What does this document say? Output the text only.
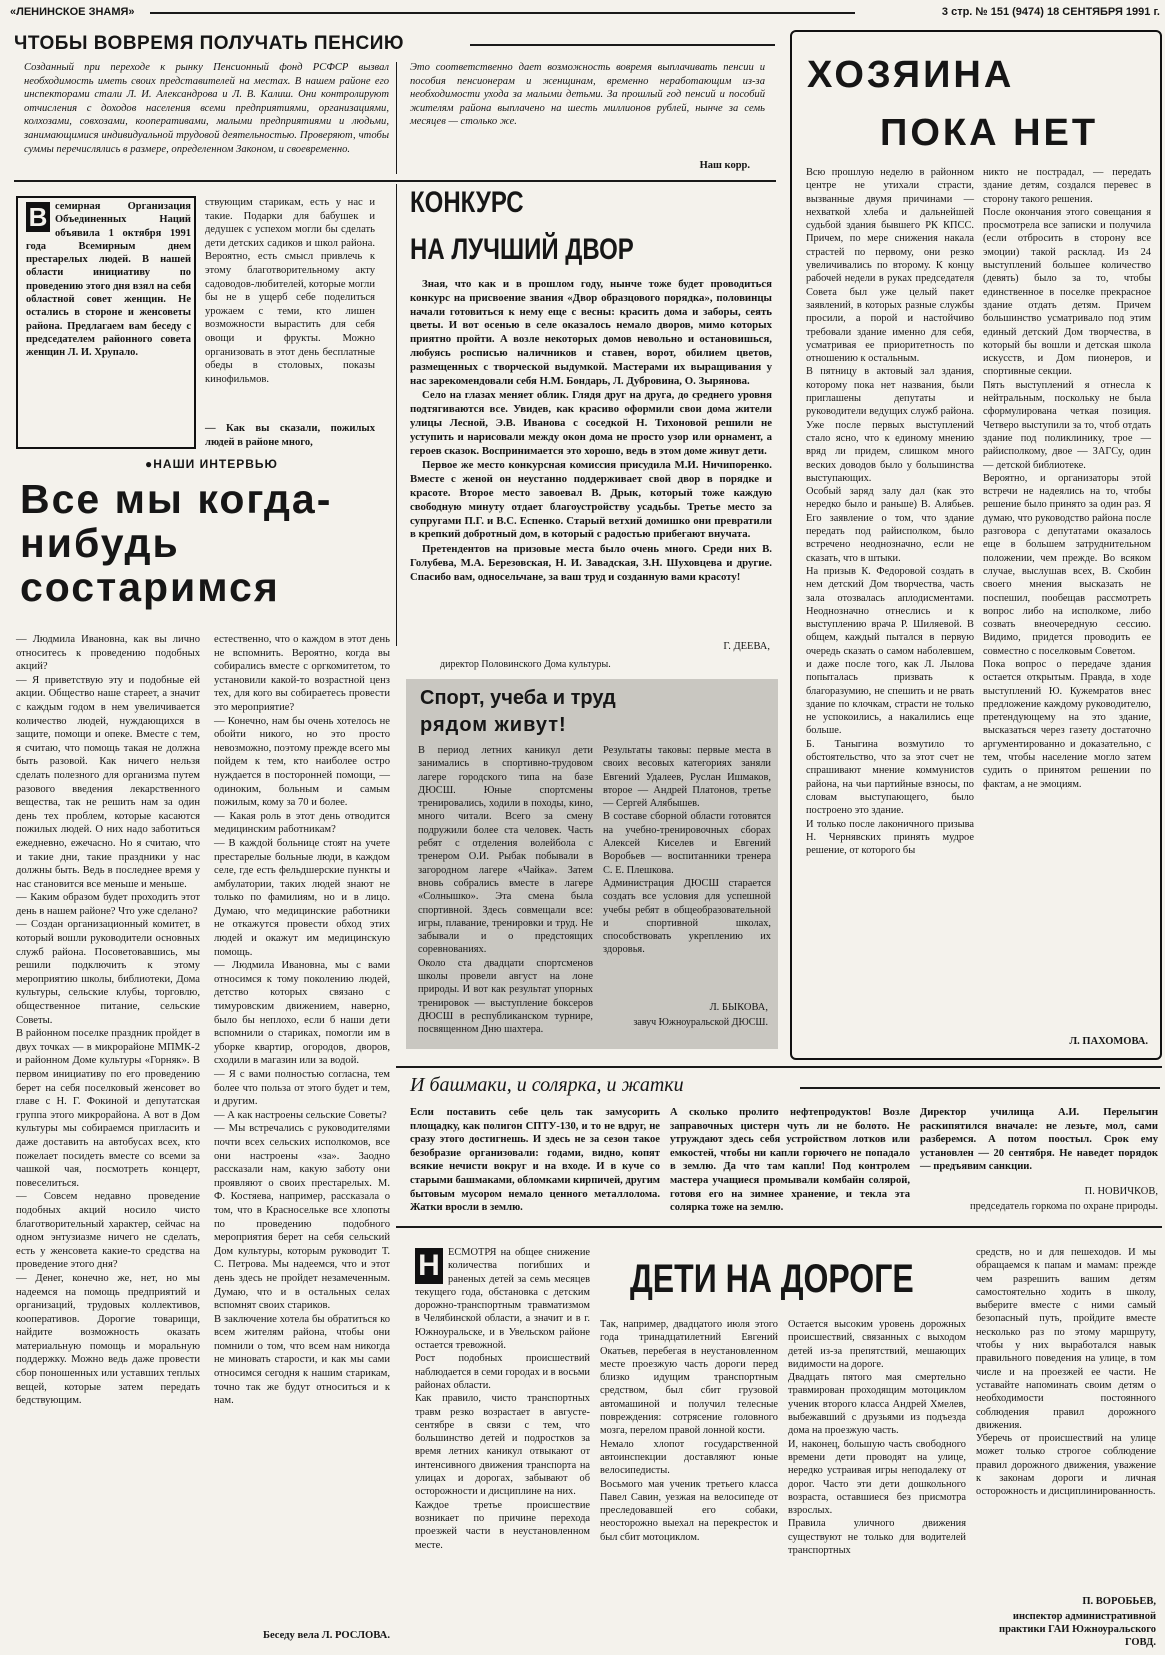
«ЛЕНИНСКОЕ ЗНАМЯ»	3 стр. № 151 (9474) 18 СЕНТЯБРЯ 1991 г.
ЧТОБЫ ВОВРЕМЯ ПОЛУЧАТЬ ПЕНСИЮ
Созданный при переходе к рынку Пенсионный фонд РСФСР вызвал необходимость иметь своих представителей на местах. В нашем районе его инспекторами стали Л. И. Александрова и Л. В. Калиш. Они контролируют отчисления с доходов населения всеми предприятиями, организациями, колхозами, совхозами, кооперативами, малыми предприятиями и людьми, занимающимися индивидуальной трудовой деятельностью. Проверяют, чтобы суммы перечислялись в размере, определенном Законом, и своевременно.
Это соответственно дает возможность вовремя выплачивать пенсии и пособия пенсионерам и женщинам, временно неработающим из-за необходимости ухода за малыми детьми. За прошлый год пенсий и пособий жителям района выплачено на шесть миллионов рублей, нынче за семь месяцев — столько же.
Наш корр.
В семирная Организация Объединенных Наций объявила 1 октября 1991 года Всемирным днем престарелых людей. В нашей области инициативу по проведению этого дня взял на себя областной совет женщин. Не остались в стороне и женсоветы района. Предлагаем вам беседу с председателем районного совета женщин Л. И. Хрупало.
ствующим старикам, есть у нас и такие. Подарки для бабушек и дедушек с успехом могли бы сделать дети детских садиков и школ района. Вероятно, есть смысл привлечь к этому благотворительному акту садоводов-любителей, которые могли бы не в ущерб себе поделиться урожаем с теми, кто лишен возможности вырастить для себя овощи и фрукты. Можно организовать в этот день бесплатные обеды в столовых, показы кинофильмов.
— Как вы сказали, пожилых людей в районе много,
●НАШИ ИНТЕРВЬЮ
Все мы когда-нибудь состаримся
— Людмила Ивановна, как вы лично относитесь к проведению подобных акций?
— Я приветствую эту и подобные ей акции. Общество наше стареет, а значит с каждым годом в нем увеличивается количество людей, нуждающихся в защите, помощи и опеке. Вместе с тем, я считаю, что помощь такая не должна быть разовой. Как ничего нельзя сделать полезного для организма путем разового введения лекарственного вещества, так не решить нам за один день тех проблем, которые касаются пожилых людей. О них надо заботиться ежедневно, ежечасно. Но я считаю, что и такие дни, такие праздники у нас должны быть. Ведь в последнее время у нас становится все меньше и меньше.
— Каким образом будет проходить этот день в нашем районе? Что уже сделано?
— Создан организационный комитет, в который вошли руководители основных служб района. Посоветовавшись, мы решили подключить к этому мероприятию школы, библиотеки, Дома культуры, сельские клубы, торговлю, общественное питание, сельские Советы.
В районном поселке праздник пройдет в двух точках — в микрорайоне МПМК-2 и районном Доме культуры «Горняк». В первом инициативу по его проведению берет на себя поселковый женсовет во главе с Н. Г. Фокиной и депутатская группа этого микрорайона. А вот в Дом культуры мы собираемся пригласить и даже доставить на автобусах всех, кто пожелает посидеть вместе со всеми за чашкой чая, посмотреть концерт, повеселиться.
— Совсем недавно проведение подобных акций носило чисто благотворительный характер, сейчас на одном энтузиазме ничего не сделать, есть у женсовета какие-то средства на проведение этого дня?
— Денег, конечно же, нет, но мы надеемся на помощь предприятий и организаций, трудовых коллективов, кооперативов. Дорогие товарищи, найдите возможность оказать материальную помощь и моральную поддержку. Можно ведь даже провести сбор поношенных или уставших теплых вещей, которые затем передать бедствующим.
естественно, что о каждом в этот день не вспомнить. Вероятно, когда вы собирались вместе с оргкомитетом, то установили какой-то возрастной ценз тех, для кого вы собираетесь провести это мероприятие?
— Конечно, нам бы очень хотелось не обойти никого, но это просто невозможно, поэтому прежде всего мы пойдем к тем, кто наиболее остро нуждается в посторонней помощи, — одиноким, больным и самым пожилым, кому за 70 и более.
— Какая роль в этот день отводится медицинским работникам?
— В каждой больнице стоят на учете престарелые больные люди, в каждом селе, где есть фельдшерские пункты и амбулатории, таких людей знают не только по фамилиям, но и в лицо. Думаю, что медицинские работники не откажутся провести обход этих людей и окажут им медицинскую помощь.
— Людмила Ивановна, мы с вами относимся к тому поколению людей, детство которых связано с тимуровским движением, наверно, было бы неплохо, если б наши дети вспомнили о стариках, помогли им в уборке квартир, огородов, дворов, сходили в магазин или за водой.
— Я с вами полностью согласна, тем более что польза от этого будет и тем, и другим.
— А как настроены сельские Советы?
— Мы встречались с руководителями почти всех сельских исполкомов, все они настроены «за». Заодно рассказали нам, какую заботу они проявляют о своих престарелых. М. Ф. Костяева, например, рассказала о том, что в Красносельке все хлопоты по проведению подобного мероприятия берет на себя сельский Дом культуры, которым руководит Т. С. Петрова. Мы надеемся, что и этот день здесь не пройдет незамеченным. Думаю, что и в остальных селах вспомнят своих стариков.
В заключение хотела бы обратиться ко всем жителям района, чтобы они помнили о том, что всем нам никогда не миновать старости, и как мы сами относимся сегодня к нашим старикам, точно так же будут относиться и к нам.
Беседу вела Л. РОСЛОВА.
КОНКУРС
НА ЛУЧШИЙ ДВОР

Зная, что как и в прошлом году, нынче тоже будет проводиться конкурс на присвоение звания «Двор образцового порядка», половинцы начали готовиться к нему еще с весны: красить дома и заборы, сеять цветы. И вот осенью в селе оказалось немало дворов, мимо которых приятно пройти. А возле некоторых домов невольно и остановишься, любуясь росписью наличников и ставен, ворот, обилием цветов, размещенных с творческой выдумкой. Мастерами их выращивания у нас зарекомендовали себя Н.М. Бондарь, Л. Дубровина, О. Зырянова.

Село на глазах меняет облик. Глядя друг на друга, до среднего уровня подтягиваются все. Увидев, как красиво оформили свои дома жители улицы Лесной, Э.В. Иванова с соседкой Н. Тихоновой решили не уступить и нарисовали между окон дома не просто узор или орнамент, а героев сказок. Воспринимается это хорошо, ведь в этом доме живут дети.

Первое же место конкурсная комиссия присудила М.И. Ничипоренко. Вместе с женой он неустанно поддерживает свой двор в порядке и красоте. Второе место завоевал В. Дрык, который тоже каждую свободную минуту отдает благоустройству усадьбы. Третье место за супругами П.Г. и В.С. Еспенко. Старый ветхий домишко они превратили в крепкий добротный дом, в который с радостью прибегают внучата.

Претендентов на призовые места было очень много. Среди них В. Голубева, М.А. Березовская, Н. И. Завадская, З.Н. Шуховцева и другие. Спасибо вам, односельчане, за ваш труд и созданную вами красоту!

Г. ДЕЕВА,
директор Половинского Дома культуры.
Спорт, учеба и труд
рядом живут!
В период летних каникул дети занимались в спортивно-трудовом лагере городского типа на базе ДЮСШ. Юные спортсмены тренировались, ходили в походы, кино, много читали. Всего за смену подружили более ста человек. Часть ребят с отделения волейбола с тренером О.И. Рыбак побывали в загородном лагере «Чайка». Затем вновь собрались вместе в лагере «Солнышко». Эта смена была спортивной. Здесь совмещали все: игры, плавание, тренировки и труд. Не забывали и о предстоящих соревнованиях.
Около ста двадцати спортсменов школы провели август на лоне природы. И вот как результат упорных тренировок — выступление боксеров ДЮСШ в республиканском турнире, посвященном Дню шахтера.
Результаты таковы: первые места в своих весовых категориях заняли Евгений Удалеев, Руслан Ишмаков, второе — Андрей Платонов, третье — Сергей Алябышев.
В составе сборной области готовятся на учебно-тренировочных сборах Алексей Киселев и Евгений Воробьев — воспитанники тренера С. Е. Плешкова.
Администрация ДЮСШ старается создать все условия для успешной учебы ребят в общеобразовательной и спортивной школах, способствовать укреплению их здоровья.
Л. БЫКОВА,
завуч Южноуральской ДЮСШ.
ХОЗЯИНА
ПОКА НЕТ
Всю прошлую неделю в районном центре не утихали страсти, вызванные двумя причинами — нехваткой хлеба и дальнейшей судьбой здания бывшего РК КПСС. Причем, по мере снижения накала страстей по первому, они резко увеличивались по второму. К концу рабочей недели в руках председателя Совета был уже целый пакет заявлений, в которых разные службы просили, а порой и настойчиво требовали здание именно для себя, усматривая ее приоритетность по отношению к остальным.
В пятницу в актовый зал здания, которому пока нет названия, были приглашены депутаты и руководители ведущих служб района. Уже после первых выступлений стало ясно, что к единому мнению вряд ли придем, слишком много веских доводов было у большинства выступающих.
Особый заряд залу дал (как это нередко было и раньше) В. Алябьев. Его заявление о том, что здание передать под райисполком, было встречено неоднозначно, если не сказать, что в штыки.
На призыв К. Федоровой создать в нем детский Дом творчества, часть зала отозвалась аплодисментами. Неоднозначно отнеслись и к выступлению врача Р. Шиляевой. В общем, каждый пытался в первую очередь сказать о самом наболевшем, и даже после того, как Л. Лылова попыталась призвать к благоразумию, не спешить и не рвать здание по клочкам, страсти не только не успокоились, а накалились еще больше.
Б. Таныгина возмутило то обстоятельство, что за этот счет не спрашивают мнение коммунистов района, на чьи партийные взносы, по словам выступающего, было построено это здание.
И только после лаконичного призыва Н. Чернявских принять мудрое решение, от которого бы
никто не пострадал, — передать здание детям, создался перевес в сторону такого решения.
После окончания этого совещания я просмотрела все записки и получила (если отбросить в сторону все эмоции) такой расклад. Из 24 выступлений большее количество (девять) было за то, чтобы единственное в поселке прекрасное здание отдать детям. Причем большинство усматривало под этим единый детский Дом творчества, в который бы вошли и детская школа искусств, и Дом пионеров, и спортивные секции.
Пять выступлений я отнесла к нейтральным, поскольку не была сформулирована четкая позиция. Четверо выступили за то, чтоб отдать здание под поликлинику, трое — райисполкому, двое — ЗАГСу, один — детской библиотеке.
Вероятно, и организаторы этой встречи не надеялись на то, чтобы решение было принято за один раз. Я думаю, что руководство района после разговора с депутатами оказалось еще в большем затруднительном положении, чем прежде. Во всяком случае, выслушав всех, В. Скобин своего мнения высказать не поспешил, пообещав рассмотреть вопрос либо на исполкоме, либо созвать внеочередную сессию. Видимо, придется проводить ее совместно с поселковым Советом.
Пока вопрос о передаче здания остается открытым. Правда, в ходе выступлений Ю. Кужемратов внес предложение каждому руководителю, претендующему на это здание, высказаться через газету достаточно аргументированно и доказательно, с тем, чтобы население могло затем судить о принятом решении по фактам, а не эмоциям.
Л. ПАХОМОВА.
И башмаки, и солярка, и жатки
Если поставить себе цель так замусорить площадку, как полигон СПТУ-130, и то не вдруг, не сразу этого достигнешь. И здесь не за сезон такое безобразие организовали: годами, видно, копят всякие нечисти вокруг и на входе. И в куче со старыми башмаками, обломками кирпичей, другим бытовым мусором немало ценного металлолома. Жатки вросли в землю.
А сколько пролито нефтепродуктов! Возле заправочных цистерн чуть ли не болото. Не утруждают здесь себя устройством лотков или емкостей, чтобы ни капли горючего не попадало в землю. Да что там капли! Под контролем мастера учащиеся промывали комбайн солярой, готовя его на зимнее хранение, и текла эта солярка тоже на землю.
Директор училища А.И. Перелыгин раскипятился вначале: не лезьте, мол, сами разберемся. А потом поостыл. Срок ему установлен — 20 сентября. Не наведет порядок — предъявим санкции.
П. НОВИЧКОВ,
председатель горкома по охране природы.
ДЕТИ НА ДОРОГЕ
Н ЕСМОТРЯ на общее снижение количества погибших и раненых детей за семь месяцев текущего года, обстановка с детским дорожно-транспортным травматизмом в Челябинской области, а значит и в г. Южноуральске, и в Увельском районе остается тревожной.
Рост подобных происшествий наблюдается в семи городах и в восьми районах области.
Как правило, чисто транспортных травм резко возрастает в августе-сентябре в связи с тем, что большинство детей и подростков за время летних каникул отвыкают от интенсивного движения транспорта на улицах и дорогах, забывают об осторожности и дисциплине на них.
Каждое третье происшествие возникает по причине перехода проезжей части в неустановленном месте.
Так, например, двадцатого июля этого года тринадцатилетний Евгений Окатьев, перебегая в неустановленном месте проезжую часть дороги перед близко идущим транспортным средством, был сбит грузовой автомашиной и получил телесные повреждения: сотрясение головного мозга, перелом правой лонной кости.
Немало хлопот государственной автоинспекции доставляют юные велосипедисты.
Восьмого мая ученик третьего класса Павел Савин, уезжая на велосипеде от преследовавшей его собаки, неосторожно выехал на перекресток и был сбит мотоциклом.
Остается высоким уровень дорожных происшествий, связанных с выходом детей из-за препятствий, мешающих видимости на дороге.
Двадцать пятого мая смертельно травмирован проходящим мотоциклом ученик второго класса Андрей Хмелев, выбежавший с друзьями из подъезда дома на проезжую часть.
И, наконец, большую часть свободного времени дети проводят на улице, нередко устраивая игры неподалеку от дорог. Часто эти дети дошкольного возраста, оставшиеся без присмотра взрослых.
Правила уличного движения существуют не только для водителей транспортных
средств, но и для пешеходов. И мы обращаемся к папам и мамам: прежде чем разрешить вашим детям самостоятельно ходить в школу, выберите вместе с ними самый безопасный путь, пройдите вместе несколько раз по этому маршруту, чтобы у них выработался навык правильного поведения на улице, в том числе и на проезжей ее части. Не уставайте напоминать своим детям о необходимости постоянного соблюдения правил дорожного движения.
Уберечь от происшествий на улице может только строгое соблюдение правил дорожного движения, уважение к законам дороги и личная осторожность и дисциплинированность.
П. ВОРОБЬЕВ,
инспектор административной практики ГАИ Южноуральского ГОВД.
